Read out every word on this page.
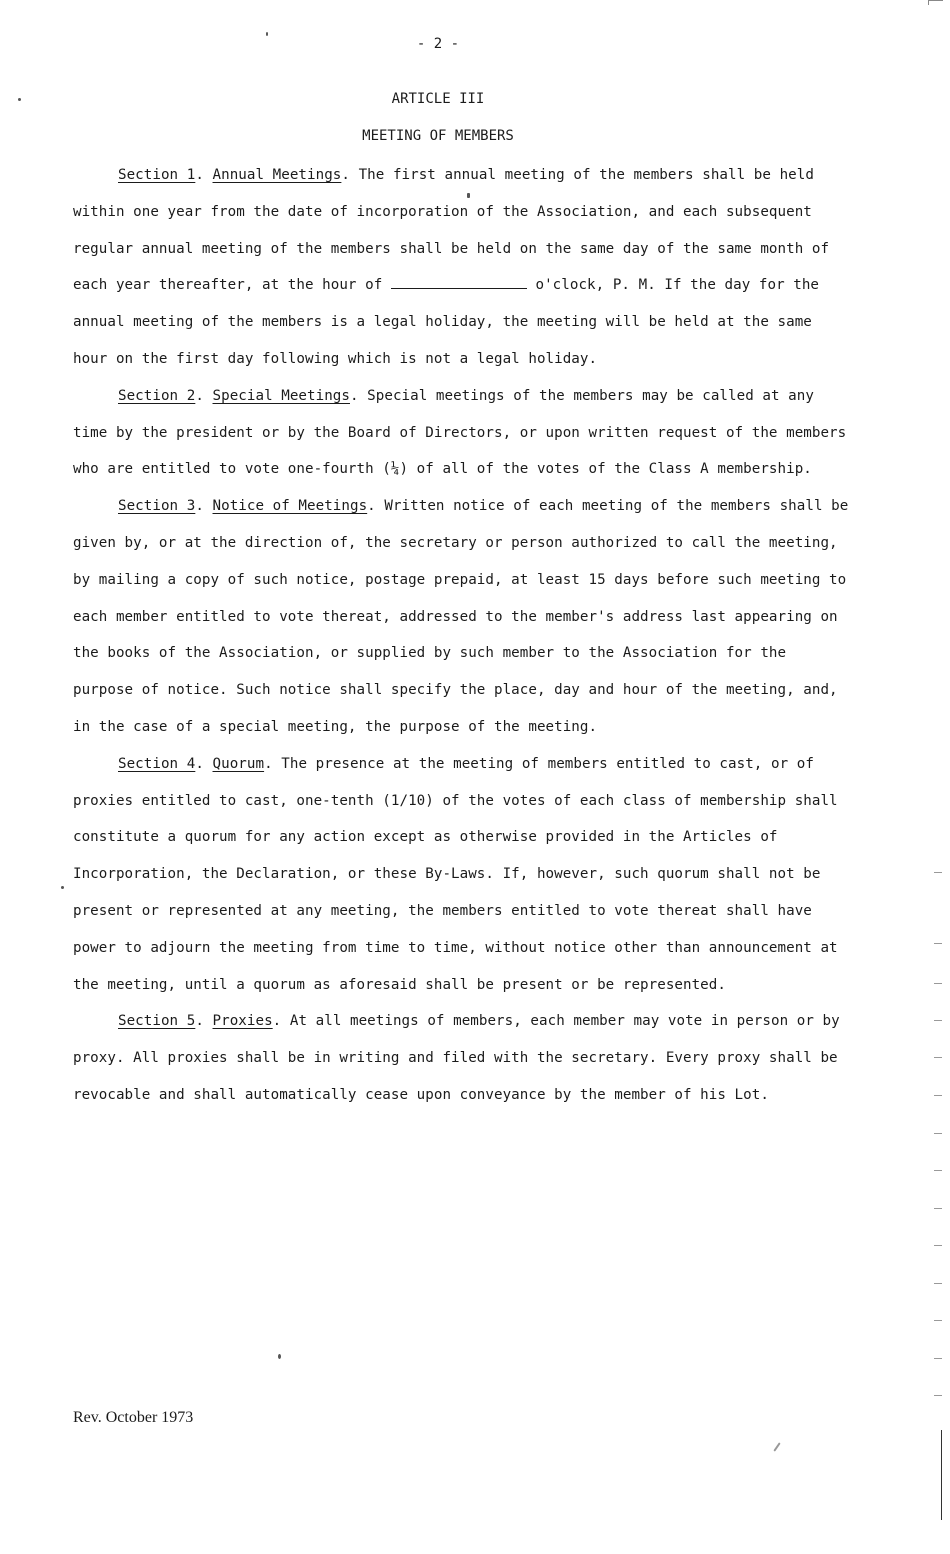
- 2 -
ARTICLE III
MEETING OF MEMBERS

Section 1. Annual Meetings. The first annual meeting of the members shall be held within one year from the date of incorporation of the Association, and each subsequent regular annual meeting of the members shall be held on the same day of the same month of each year thereafter, at the hour of	o'clock, P. M. If the day for the annual meeting of the members is a legal holiday, the meeting will be held at the same hour on the first day following which is not a legal holiday.

Section 2. Special Meetings. Special meetings of the members may be called at any time by the president or by the Board of Directors, or upon written request of the members who are entitled to vote one-fourth (¼) of all of the votes of the Class A membership.

Section 3. Notice of Meetings. Written notice of each meeting of the members shall be given by, or at the direction of, the secretary or person authorized to call the meeting, by mailing a copy of such notice, postage prepaid, at least 15 days before such meeting to each member entitled to vote thereat, addressed to the member's address last appearing on the books of the Association, or supplied by such member to the Association for the purpose of notice. Such notice shall specify the place, day and hour of the meeting, and, in the case of a special meeting, the purpose of the meeting.

Section 4. Quorum. The presence at the meeting of members entitled to cast, or of proxies entitled to cast, one-tenth (1/10) of the votes of each class of membership shall constitute a quorum for any action except as otherwise provided in the Articles of Incorporation, the Declaration, or these By-Laws. If, however, such quorum shall not be present or represented at any meeting, the members entitled to vote thereat shall have power to adjourn the meeting from time to time, without notice other than announcement at the meeting, until a quorum as aforesaid shall be present or be represented.

Section 5. Proxies. At all meetings of members, each member may vote in person or by proxy. All proxies shall be in writing and filed with the secretary. Every proxy shall be revocable and shall automatically cease upon conveyance by the member of his Lot.

Rev. October 1973
